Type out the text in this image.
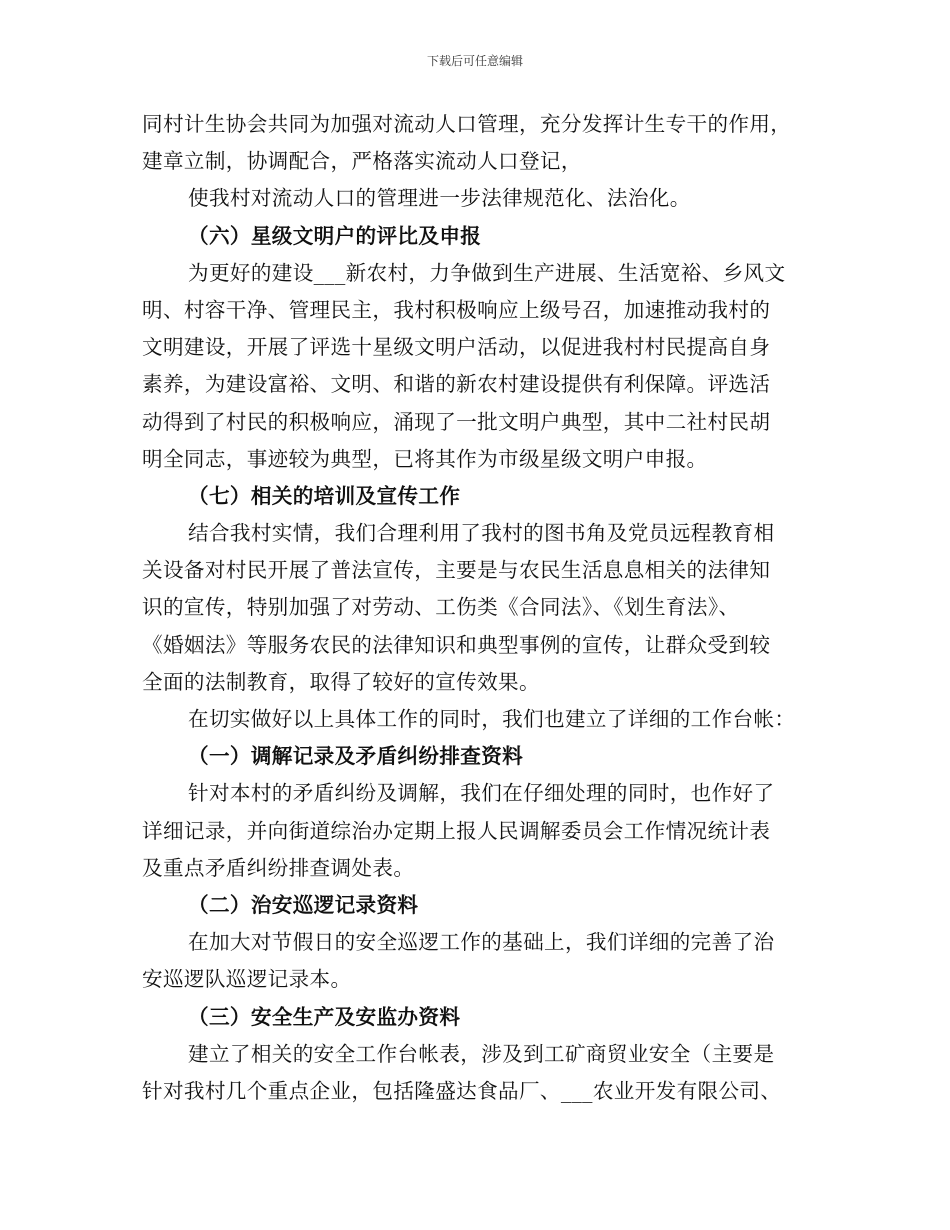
下载后可任意编辑
同村计生协会共同为加强对流动人口管理，充分发挥计生专干的作用，
建章立制，协调配合，严格落实流动人口登记，
使我村对流动人口的管理进一步法律规范化、法治化。
（六）星级文明户的评比及申报
为更好的建设___新农村，力争做到生产进展、生活宽裕、乡风文
明、村容干净、管理民主，我村积极响应上级号召，加速推动我村的
文明建设，开展了评选十星级文明户活动，以促进我村村民提高自身
素养，为建设富裕、文明、和谐的新农村建设提供有利保障。评选活
动得到了村民的积极响应，涌现了一批文明户典型，其中二社村民胡
明全同志，事迹较为典型，已将其作为市级星级文明户申报。
（七）相关的培训及宣传工作
结合我村实情，我们合理利用了我村的图书角及党员远程教育相
关设备对村民开展了普法宣传，主要是与农民生活息息相关的法律知
识的宣传，特别加强了对劳动、工伤类《合同法》、《划生育法》、
《婚姻法》等服务农民的法律知识和典型事例的宣传，让群众受到较
全面的法制教育，取得了较好的宣传效果。
在切实做好以上具体工作的同时，我们也建立了详细的工作台帐：
（一）调解记录及矛盾纠纷排查资料
针对本村的矛盾纠纷及调解，我们在仔细处理的同时，也作好了
详细记录，并向街道综治办定期上报人民调解委员会工作情况统计表
及重点矛盾纠纷排查调处表。
（二）治安巡逻记录资料
在加大对节假日的安全巡逻工作的基础上，我们详细的完善了治
安巡逻队巡逻记录本。
（三）安全生产及安监办资料
建立了相关的安全工作台帐表，涉及到工矿商贸业安全（主要是
针对我村几个重点企业，包括隆盛达食品厂、___农业开发有限公司、
